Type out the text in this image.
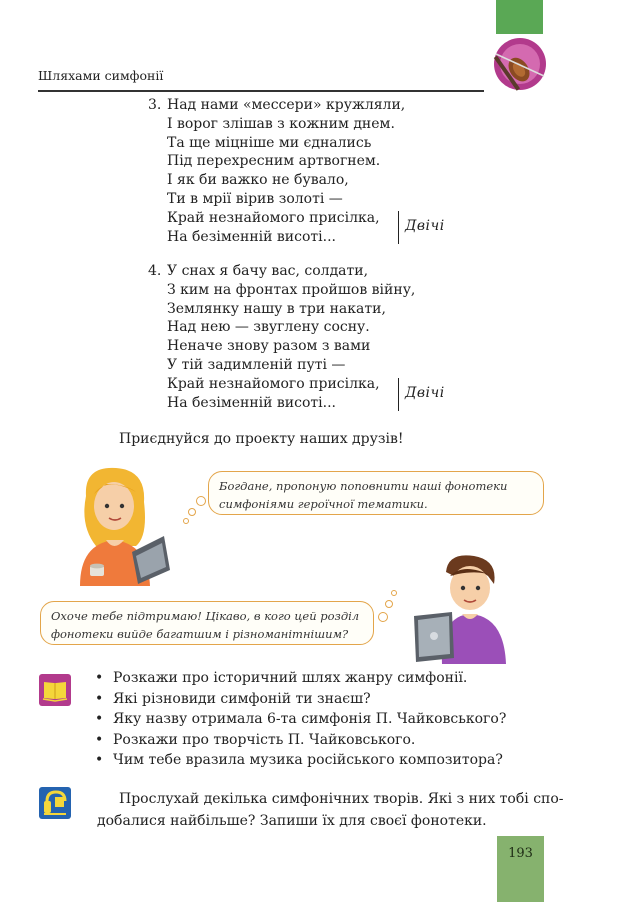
Шляхами симфонії
3. Над нами «мессери» кружляли,
І ворог злішав з кожним днем.
Та ще міцніше ми єднались
Під перехресним артвогнем.
І як би важко не бувало,
Ти в мрії вірив золоті —
Край незнайомого присілка,
На безіменній висоті...
Двічі
4. У снах я бачу вас, солдати,
З ким на фронтах пройшов війну,
Землянку нашу в три накати,
Над нею — звуглену сосну.
Неначе знову разом з вами
У тій задимленій путі —
Край незнайомого присілка,
На безіменній висоті...
Двічі
Приєднуйся до проекту наших друзів!
Богдане, пропоную поповнити наші фонотеки
симфоніями героїчної тематики.
Охоче тебе підтримаю! Цікаво, в кого цей розділ
фонотеки вийде багатшим і різноманітнішим?
• Розкажи про історичний шлях жанру симфонії.
• Які різновиди симфоній ти знаєш?
• Яку назву отримала 6-та симфонія П. Чайковського?
• Розкажи про творчість П. Чайковського.
• Чим тебе вразила музика російського композитора?
Прослухай декілька симфонічних творів. Які з них тобі спо-
добалися найбільше? Запиши їх для своєї фонотеки.
193
